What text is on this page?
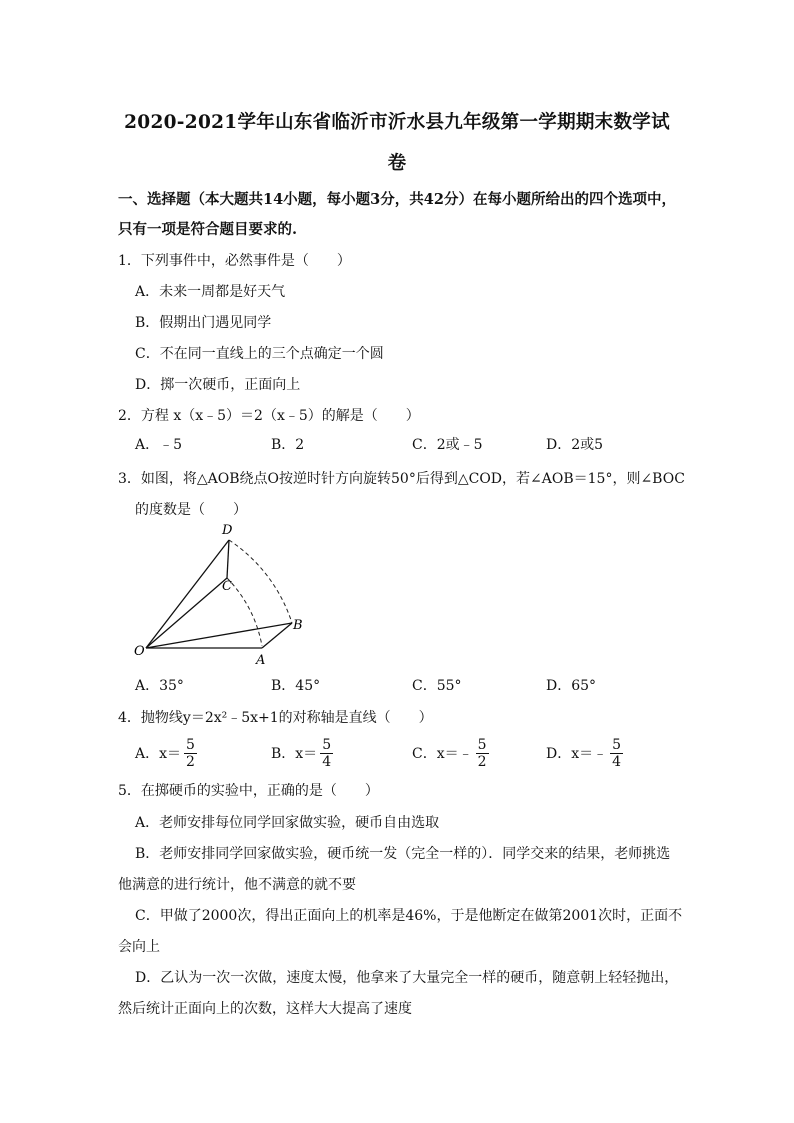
2020-2021学年山东省临沂市沂水县九年级第一学期期末数学试
卷
一、选择题（本大题共14小题，每小题3分，共42分）在每小题所给出的四个选项中，
只有一项是符合题目要求的.
1．下列事件中，必然事件是（　　）
A．未来一周都是好天气
B．假期出门遇见同学
C．不在同一直线上的三个点确定一个圆
D．掷一次硬币，正面向上
2．方程 x（x﹣5）＝2（x﹣5）的解是（　　）
A．﹣5	B．2	C．2或﹣5	D．2或5
3．如图，将△AOB绕点O按逆时针方向旋转50°后得到△COD，若∠AOB＝15°，则∠BOC
的度数是（　　）
D
C
B
O
A
A．35°	B．45°	C．55°	D．65°
4．抛物线y＝2x²﹣5x+1的对称轴是直线（　　）
A．$x= \frac{5}{2}$	B．$x= \frac{5}{4}$	C．x＝﹣ $\frac{5}{2}$	D．x＝﹣ $\frac{5}{4}$
5．在掷硬币的实验中，正确的是（　　）
A．老师安排每位同学回家做实验，硬币自由选取
B．老师安排同学回家做实验，硬币统一发（完全一样的）．同学交来的结果，老师挑选
他满意的进行统计，他不满意的就不要
C．甲做了2000次，得出正面向上的机率是46%，于是他断定在做第2001次时，正面不
会向上
D．乙认为一次一次做，速度太慢，他拿来了大量完全一样的硬币，随意朝上轻轻抛出，
然后统计正面向上的次数，这样大大提高了速度
